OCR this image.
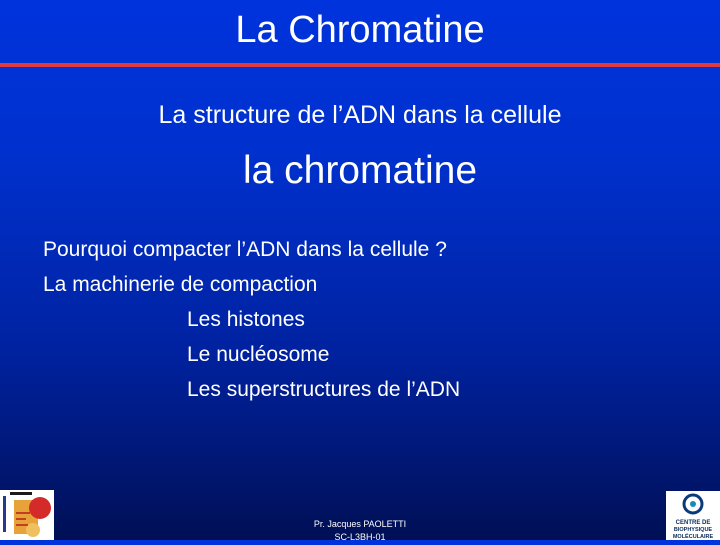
La Chromatine
La structure de l’ADN dans la cellule
la chromatine
Pourquoi compacter l’ADN dans la cellule ?
La machinerie de compaction
Les histones
Le nucléosome
Les superstructures de l’ADN
Pr. Jacques PAOLETTI
SC-L3BH-01
CENTRE DE
BIOPHYSIQUE
MOLÉCULAIRE
